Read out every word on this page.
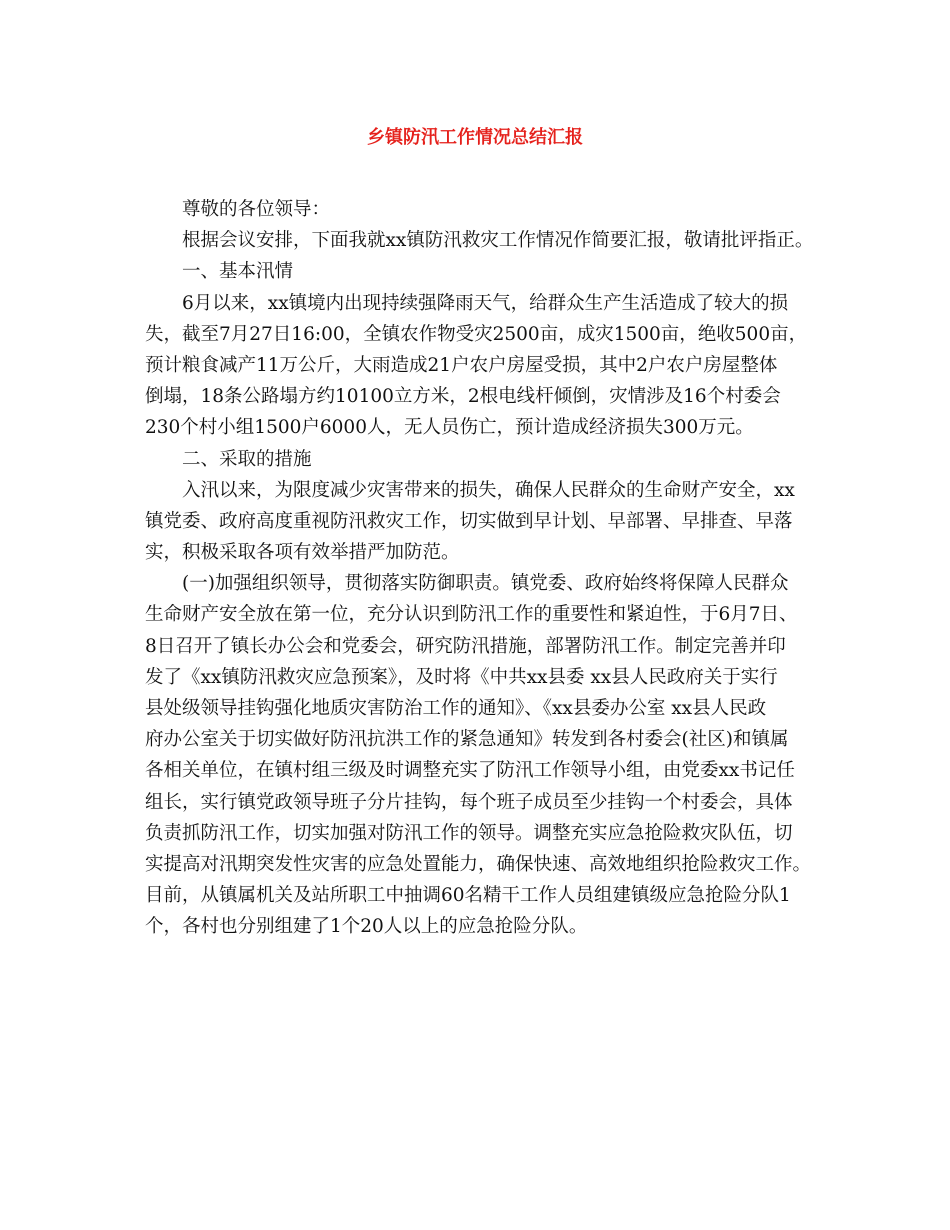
乡镇防汛工作情况总结汇报
尊敬的各位领导：
根据会议安排，下面我就xx镇防汛救灾工作情况作简要汇报，敬请批评指正。
一、基本汛情
6月以来，xx镇境内出现持续强降雨天气，给群众生产生活造成了较大的损
失，截至7月27日16:00，全镇农作物受灾2500亩，成灾1500亩，绝收500亩，
预计粮食减产11万公斤，大雨造成21户农户房屋受损，其中2户农户房屋整体
倒塌，18条公路塌方约10100立方米，2根电线杆倾倒，灾情涉及16个村委会
230个村小组1500户6000人，无人员伤亡，预计造成经济损失300万元。
二、采取的措施
入汛以来，为限度减少灾害带来的损失，确保人民群众的生命财产安全，xx
镇党委、政府高度重视防汛救灾工作，切实做到早计划、早部署、早排查、早落
实，积极采取各项有效举措严加防范。
(一)加强组织领导，贯彻落实防御职责。镇党委、政府始终将保障人民群众
生命财产安全放在第一位，充分认识到防汛工作的重要性和紧迫性，于6月7日、
8日召开了镇长办公会和党委会，研究防汛措施，部署防汛工作。制定完善并印
发了《xx镇防汛救灾应急预案》，及时将《中共xx县委 xx县人民政府关于实行
县处级领导挂钩强化地质灾害防治工作的通知》、《xx县委办公室 xx县人民政
府办公室关于切实做好防汛抗洪工作的紧急通知》转发到各村委会(社区)和镇属
各相关单位，在镇村组三级及时调整充实了防汛工作领导小组，由党委xx书记任
组长，实行镇党政领导班子分片挂钩，每个班子成员至少挂钩一个村委会，具体
负责抓防汛工作，切实加强对防汛工作的领导。调整充实应急抢险救灾队伍，切
实提高对汛期突发性灾害的应急处置能力，确保快速、高效地组织抢险救灾工作。
目前，从镇属机关及站所职工中抽调60名精干工作人员组建镇级应急抢险分队1
个，各村也分别组建了1个20人以上的应急抢险分队。
